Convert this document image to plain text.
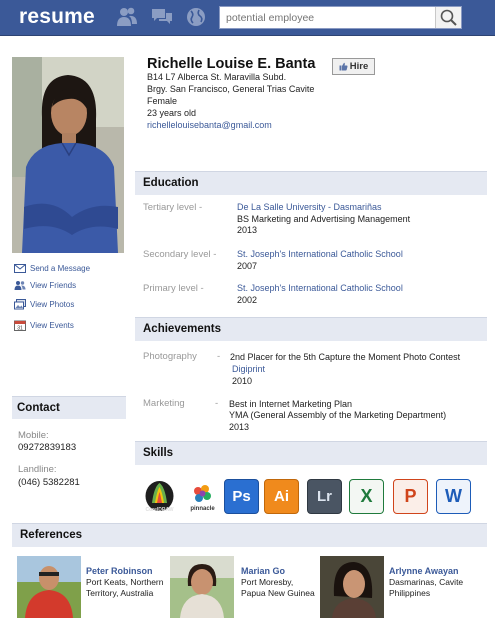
resume
potential employee
Send a Message
View Friends
View Photos
31 View Events
Contact
Mobile:
09272839183
Landline:
(046) 5382281
Richelle Louise E. Banta	Hire
B14 L7 Alberca St. Maravilla Subd.
Brgy. San Francisco, General Trias Cavite
Female
23 years old
richellelouisebanta@gmail.com
Education
Tertiary level -	De La Salle University - Dasmariñas
BS Marketing and Advertising Management
2013
Secondary level - St. Joseph's International Catholic School
2007
Primary level -	St. Joseph's International Catholic School
2002
Achievements
Photography - 2nd Placer for the 5th Capture the Moment Photo Contest
Digiprint
2010
Marketing	- Best in Internet Marketing Plan
YMA (General Assembly of the Marketing Department)
2013
Skills
CorelDRAW	pinnacle
Ps	Ai	Lr	X	P	W
References
Peter Robinson
Port Keats, Northern
Territory, Australia
Marian Go
Port Moresby,
Papua New Guinea
Arlynne Awayan
Dasmarinas, Cavite
Philippines
